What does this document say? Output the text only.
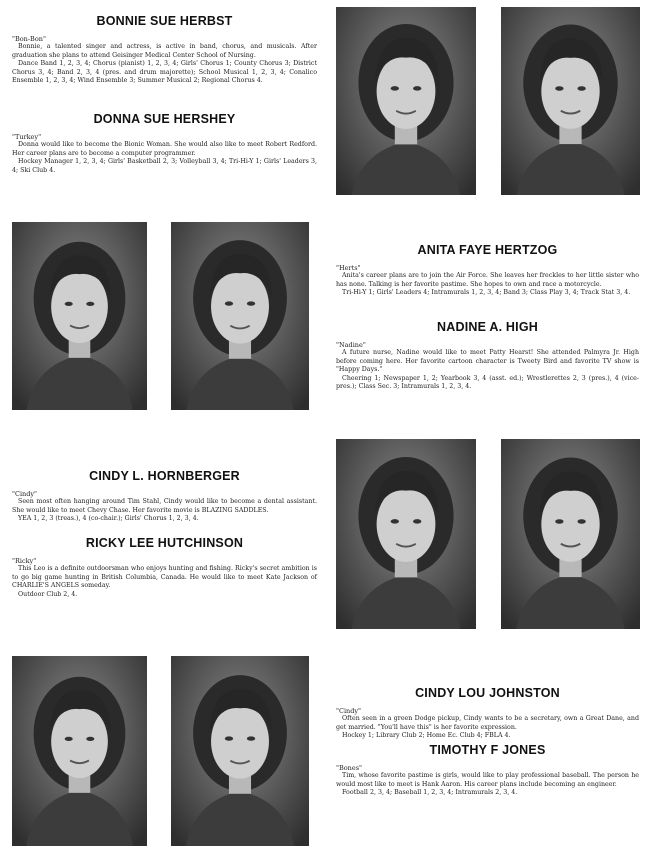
BONNIE SUE HERBST
"Bon-Bon"

Bonnie, a talented singer and actress, is active in band, chorus, and musicals. After graduation she plans to attend Geisinger Medical Center School of Nursing.

Dance Band 1, 2, 3, 4; Chorus (pianist) 1, 2, 3, 4; Girls' Chorus 1; County Chorus 3; District Chorus 3, 4; Band 2, 3, 4 (pres. and drum majorette); School Musical 1, 2, 3, 4; Conalico Ensemble 1, 2, 3, 4; Wind Ensemble 3; Summer Musical 2; Regional Chorus 4.

DONNA SUE HERSHEY
"Turkey"

Donna would like to become the Bionic Woman. She would also like to meet Robert Redford. Her career plans are to become a computer programmer.

Hockey Manager 1, 2, 3, 4; Girls' Basketball 2, 3; Volleyball 3, 4; Tri-Hi-Y 1; Girls' Leaders 3, 4; Ski Club 4.

ANITA FAYE HERTZOG
"Herts"

Anita's career plans are to join the Air Force. She leaves her freckles to her little sister who has none. Talking is her favorite pastime. She hopes to own and race a motorcycle.

Tri-Hi-Y 1; Girls' Leaders 4; Intramurals 1, 2, 3, 4; Band 3; Class Play 3, 4; Track Stat 3, 4.

NADINE A. HIGH
"Nadine"

A future nurse, Nadine would like to meet Patty Hearst! She attended Palmyra Jr. High before coming here. Her favorite cartoon character is Tweety Bird and favorite TV show is "Happy Days."

Cheering 1; Newspaper 1, 2; Yearbook 3, 4 (asst. ed.); Wrestlerettes 2, 3 (pres.), 4 (vice-pres.); Class Sec. 3; Intramurals 1, 2, 3, 4.

CINDY L. HORNBERGER
"Cindy"

Seen most often hanging around Tim Stahl, Cindy would like to become a dental assistant. She would like to meet Chevy Chase. Her favorite movie is BLAZING SADDLES.

YEA 1, 2, 3 (treas.), 4 (co-chair.); Girls' Chorus 1, 2, 3, 4.

RICKY LEE HUTCHINSON
"Ricky"

This Leo is a definite outdoorsman who enjoys hunting and fishing. Ricky's secret ambition is to go big game hunting in British Columbia, Canada. He would like to meet Kate Jackson of CHARLIE'S ANGELS someday.

Outdoor Club 2, 4.

CINDY LOU JOHNSTON
"Cindy"

Often seen in a green Dodge pickup, Cindy wants to be a secretary, own a Great Dane, and get married. "You'll have this" is her favorite expression.

Hockey 1; Library Club 2; Home Ec. Club 4; FBLA 4.

TIMOTHY F JONES
"Bones"

Tim, whose favorite pastime is girls, would like to play professional baseball. The person he would most like to meet is Hank Aaron. His career plans include becoming an engineer.

Football 2, 3, 4; Baseball 1, 2, 3, 4; Intramurals 2, 3, 4.
